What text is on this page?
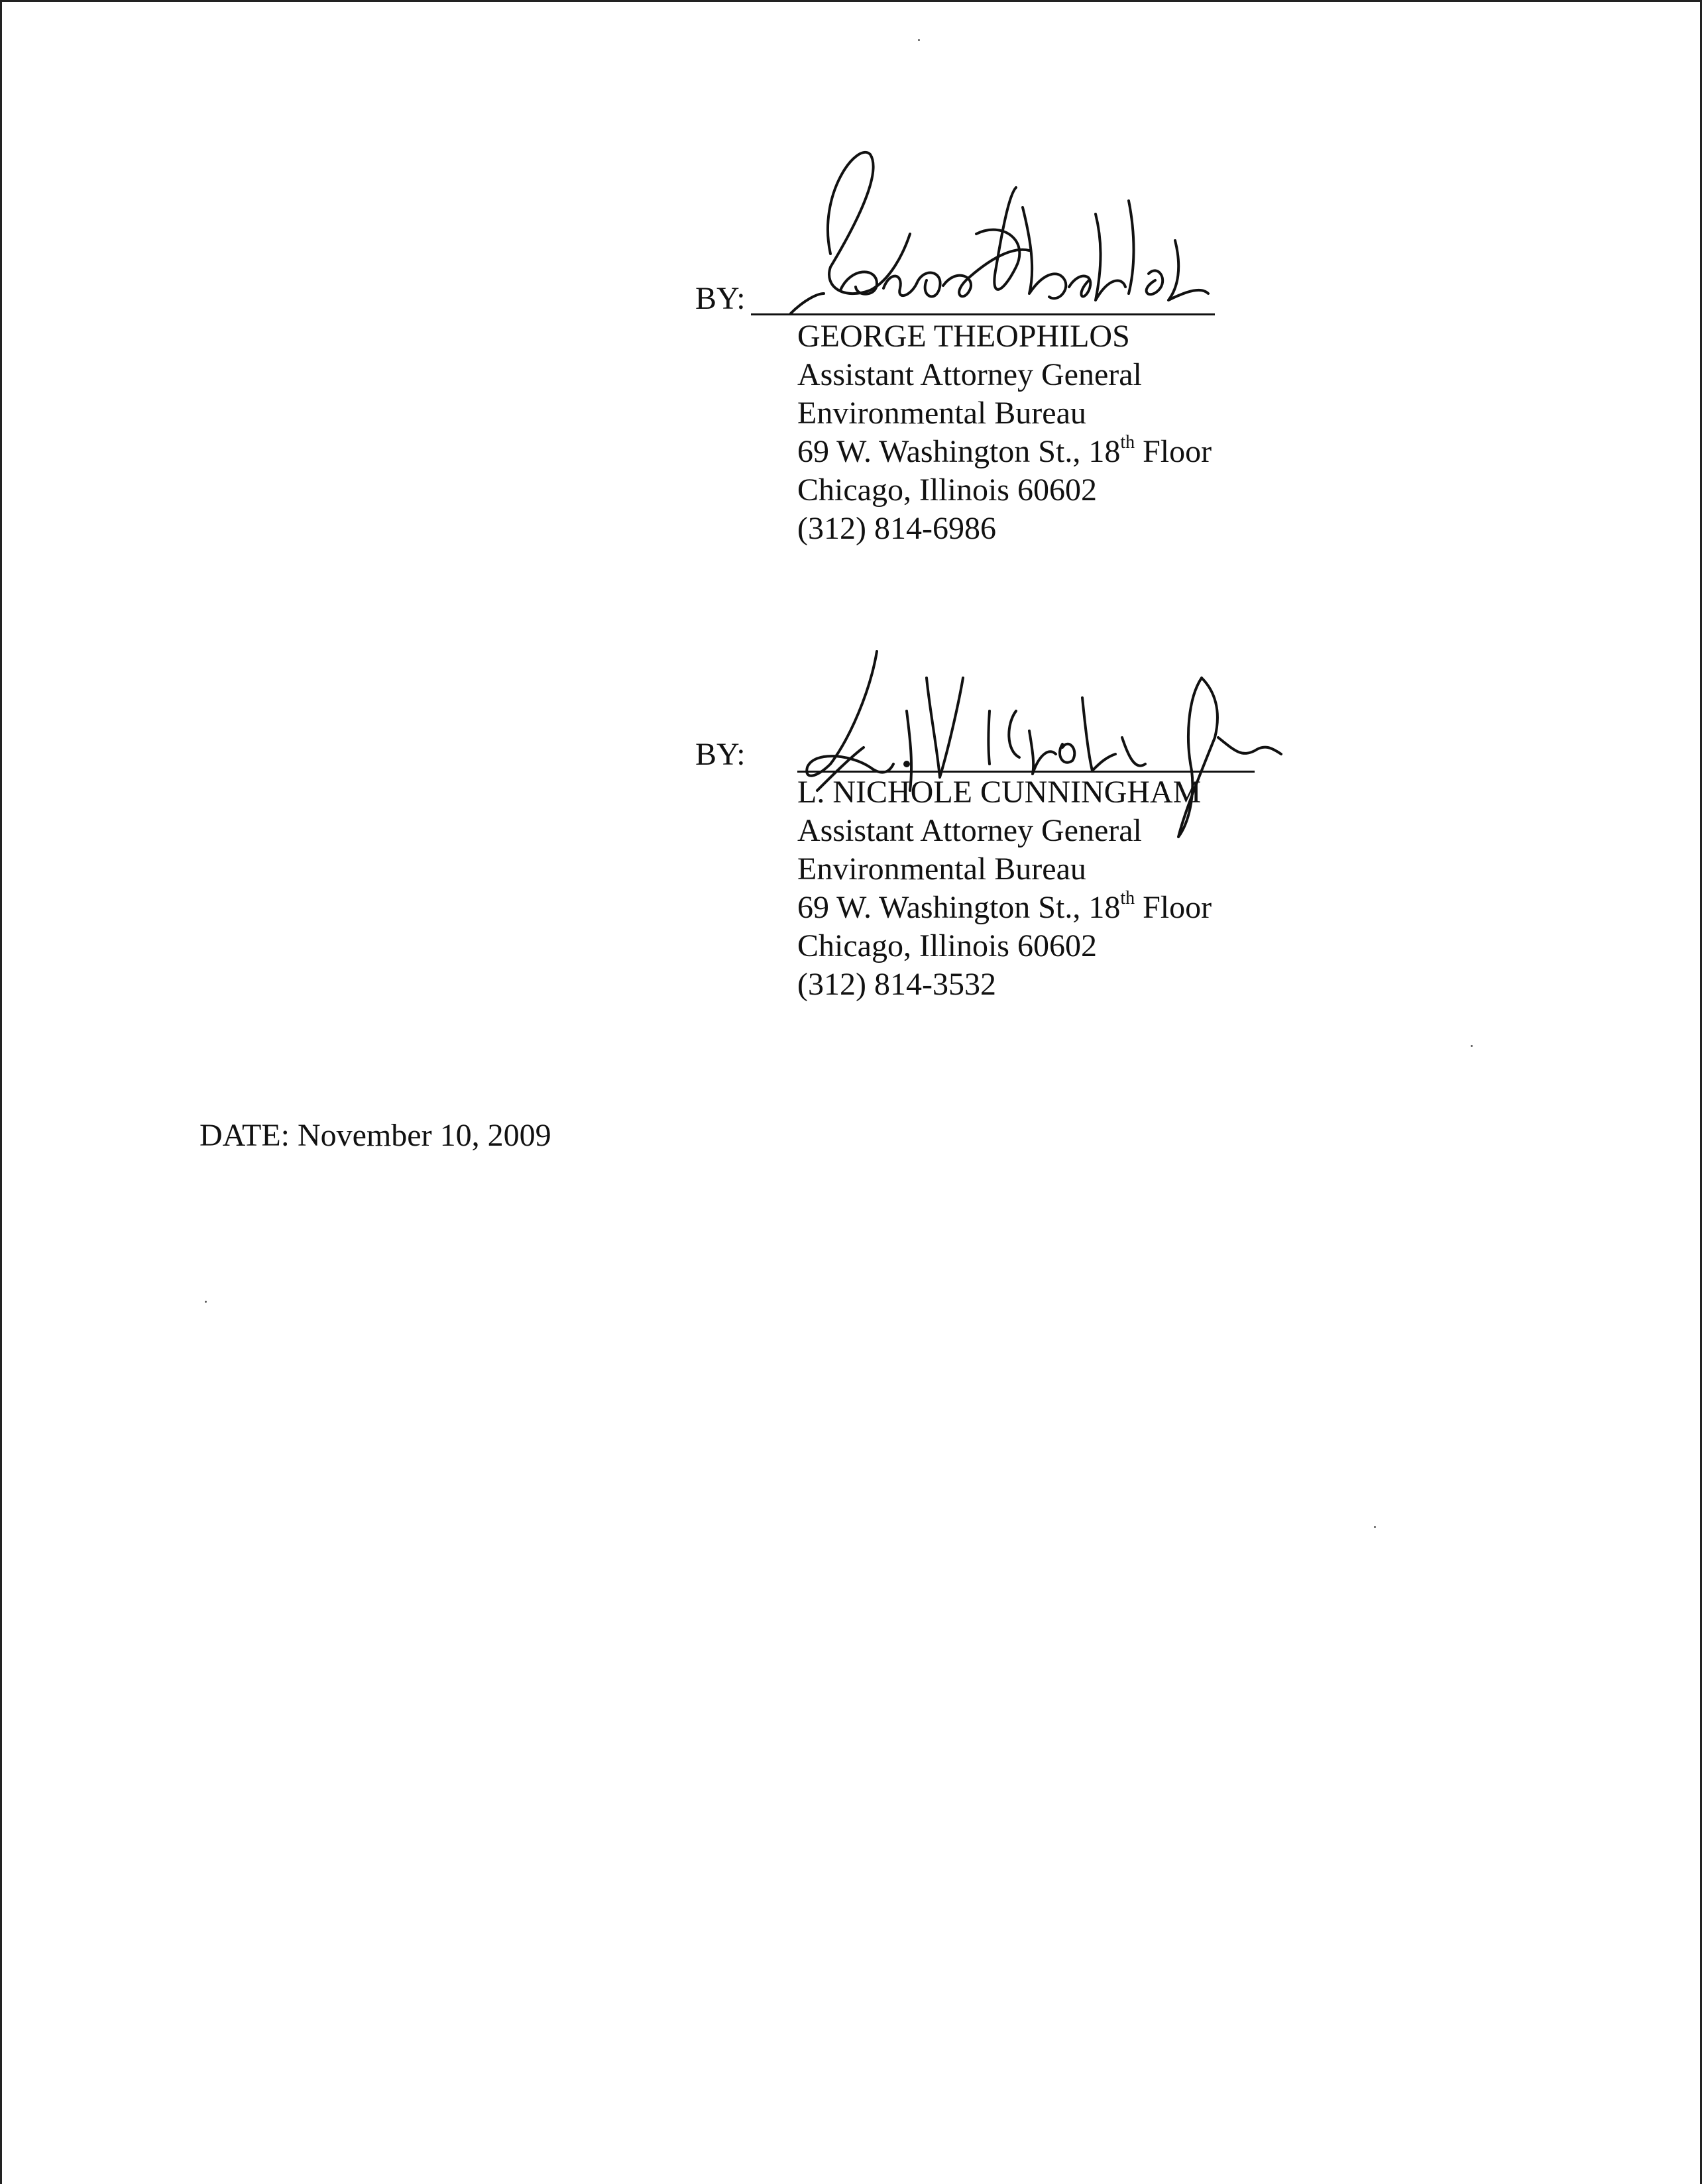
BY:
GEORGE THEOPHILOS
Assistant Attorney General
Environmental Bureau
69 W. Washington St., 18th Floor
Chicago, Illinois 60602
(312) 814-6986
BY:
L. NICHOLE CUNNINGHAM
Assistant Attorney General
Environmental Bureau
69 W. Washington St., 18th Floor
Chicago, Illinois 60602
(312) 814-3532
DATE: November 10, 2009
